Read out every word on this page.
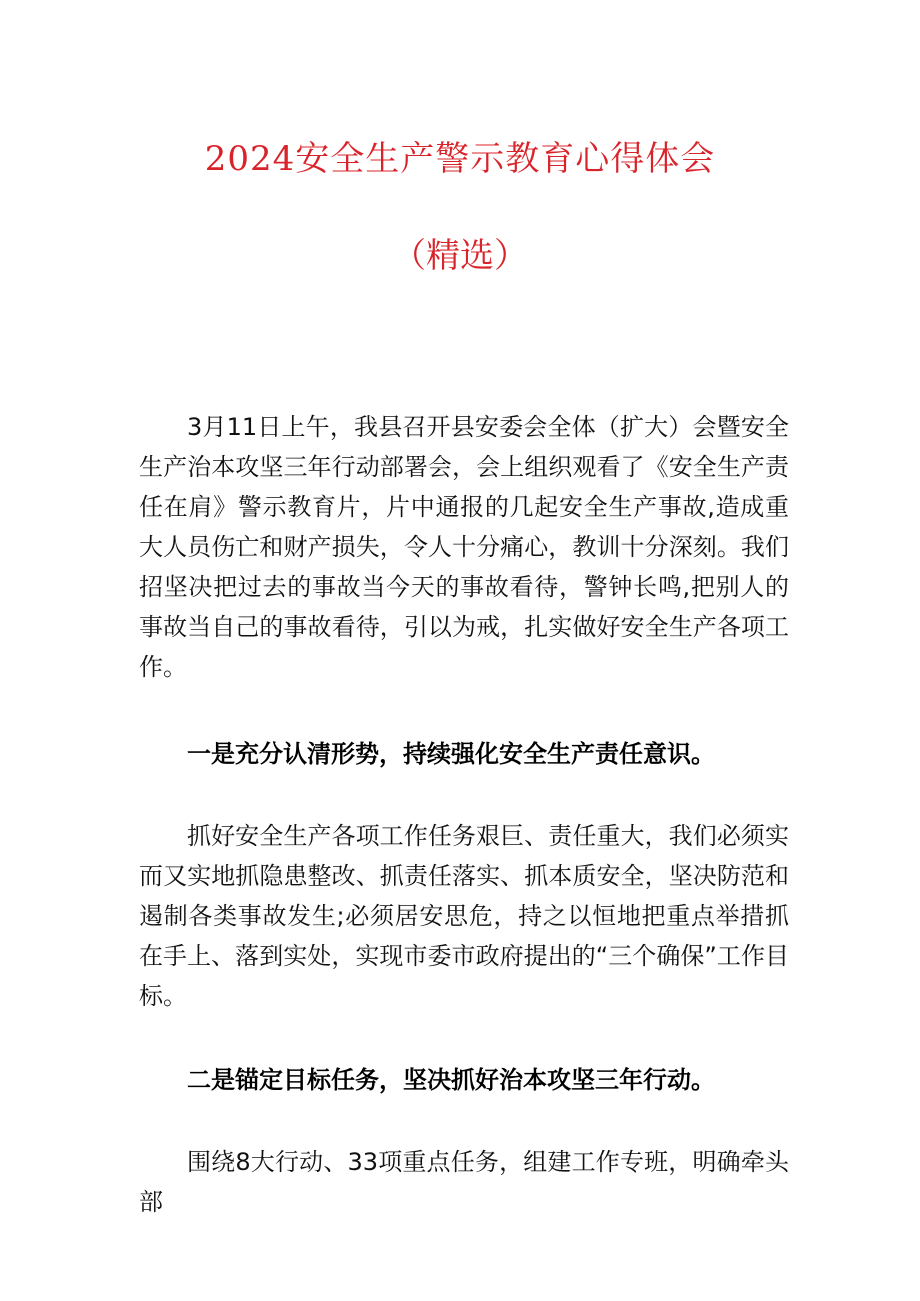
2024安全生产警示教育心得体会
（精选）

3月11日上午，我县召开县安委会全体（扩大）会暨安全生产治本攻坚三年行动部署会，会上组织观看了《安全生产责任在肩》警示教育片，片中通报的几起安全生产事故,造成重大人员伤亡和财产损失，令人十分痛心，教训十分深刻。我们招坚决把过去的事故当今天的事故看待，警钟长鸣,把别人的事故当自己的事故看待，引以为戒，扎实做好安全生产各项工作。

一是充分认清形势，持续强化安全生产责任意识。

抓好安全生产各项工作任务艰巨、责任重大，我们必须实而又实地抓隐患整改、抓责任落实、抓本质安全，坚决防范和遏制各类事故发生;必须居安思危，持之以恒地把重点举措抓在手上、落到实处，实现市委市政府提出的“三个确保”工作目标。

二是锚定目标任务，坚决抓好治本攻坚三年行动。

围绕8大行动、33项重点任务，组建工作专班，明确牵头部
